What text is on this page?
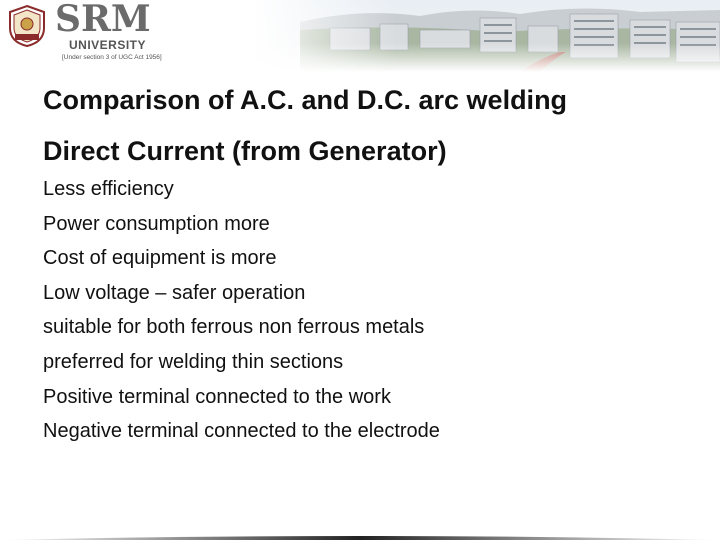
SRM
UNIVERSITY
[Under section 3 of UGC Act 1956]
Comparison of A.C. and D.C. arc welding
Direct Current (from Generator)
Less efficiency
Power consumption more
Cost of equipment is more
Low voltage – safer operation
suitable for both ferrous non ferrous metals
preferred for welding thin sections
Positive terminal connected to the work
Negative terminal connected to the electrode
